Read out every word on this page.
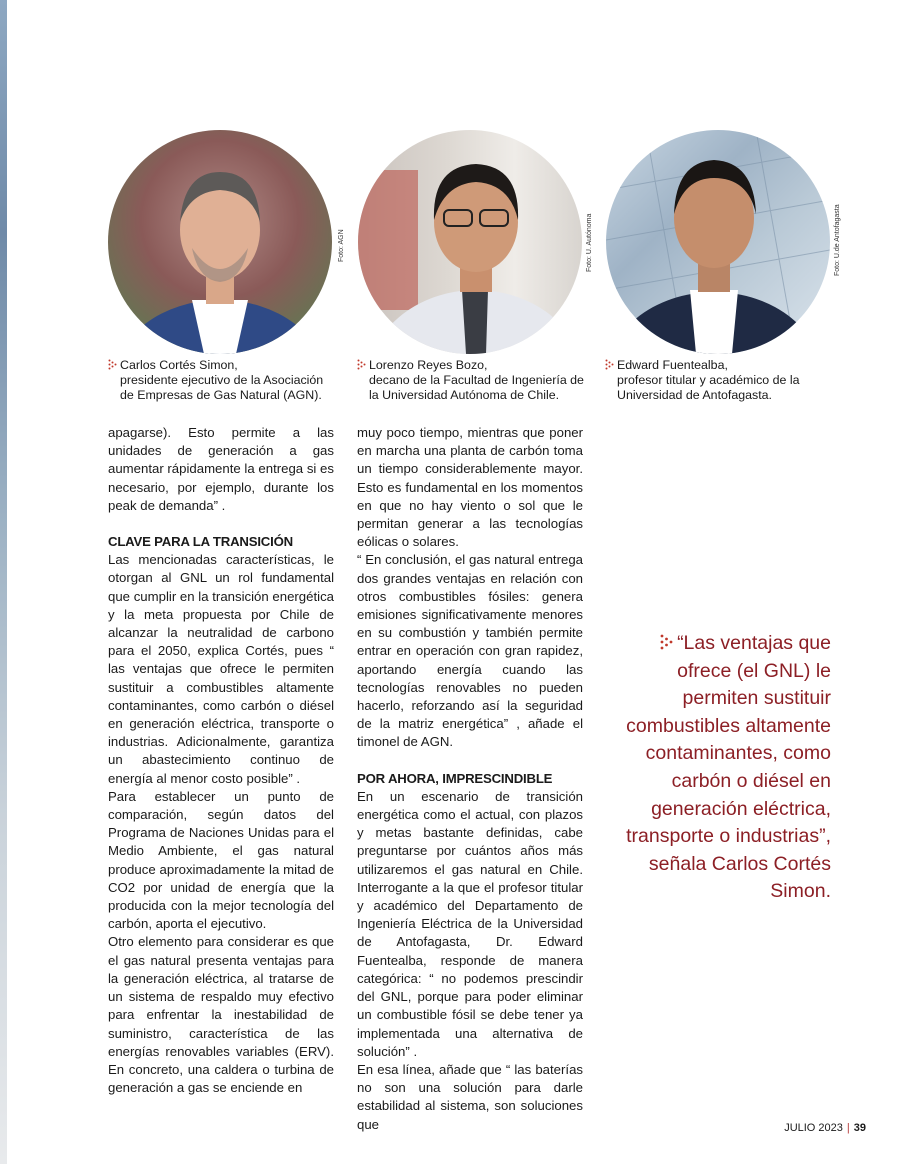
Foto: AGN	Foto: U. Autónoma	Foto: U.de Antofagasta
Carlos Cortés Simon,
presidente ejecutivo de la Asociación de Empresas de Gas Natural (AGN).
Lorenzo Reyes Bozo,
decano de la Facultad de Ingeniería de la Universidad Autónoma de Chile.
Edward Fuentealba,
profesor titular y académico de la Universidad de Antofagasta.

apagarse). Esto permite a las unidades de generación a gas aumentar rápidamente la entrega si es necesario, por ejemplo, durante los peak de demanda” .

CLAVE PARA LA TRANSICIÓN

Las mencionadas características, le otorgan al GNL un rol fundamental que cumplir en la transición energética y la meta propuesta por Chile de alcanzar la neutralidad de carbono para el 2050, explica Cortés, pues “ las ventajas que ofrece le permiten sustituir a combustibles altamente contaminantes, como carbón o diésel en generación eléctrica, transporte o industrias. Adicionalmente, garantiza un abastecimiento continuo de energía al menor costo posible” .

Para establecer un punto de comparación, según datos del Programa de Naciones Unidas para el Medio Ambiente, el gas natural produce aproximadamente la mitad de CO2 por unidad de energía que la producida con la mejor tecnología del carbón, aporta el ejecutivo.

Otro elemento para considerar es que el gas natural presenta ventajas para la generación eléctrica, al tratarse de un sistema de respaldo muy efectivo para enfrentar la inestabilidad de suministro, característica de las energías renovables variables (ERV). En concreto, una caldera o turbina de generación a gas se enciende en

muy poco tiempo, mientras que poner en marcha una planta de carbón toma un tiempo considerablemente mayor. Esto es fundamental en los momentos en que no hay viento o sol que le permitan generar a las tecnologías eólicas o solares.

“ En conclusión, el gas natural entrega dos grandes ventajas en relación con otros combustibles fósiles: genera emisiones significativamente menores en su combustión y también permite entrar en operación con gran rapidez, aportando energía cuando las tecnologías renovables no pueden hacerlo, reforzando así la seguridad de la matriz energética” , añade el timonel de AGN.

POR AHORA, IMPRESCINDIBLE

En un escenario de transición energética como el actual, con plazos y metas bastante definidas, cabe preguntarse por cuántos años más utilizaremos el gas natural en Chile. Interrogante a la que el profesor titular y académico del Departamento de Ingeniería Eléctrica de la Universidad de Antofagasta, Dr. Edward Fuentealba, responde de manera categórica: “ no podemos prescindir del GNL, porque para poder eliminar un combustible fósil se debe tener ya implementada una alternativa de solución” .

En esa línea, añade que “ las baterías no son una solución para darle estabilidad al sistema, son soluciones que

“Las ventajas que ofrece (el GNL) le permiten sustituir combustibles altamente contaminantes, como carbón o diésel en generación eléctrica, transporte o industrias”, señala Carlos Cortés Simon.
JULIO 2023 | 39
